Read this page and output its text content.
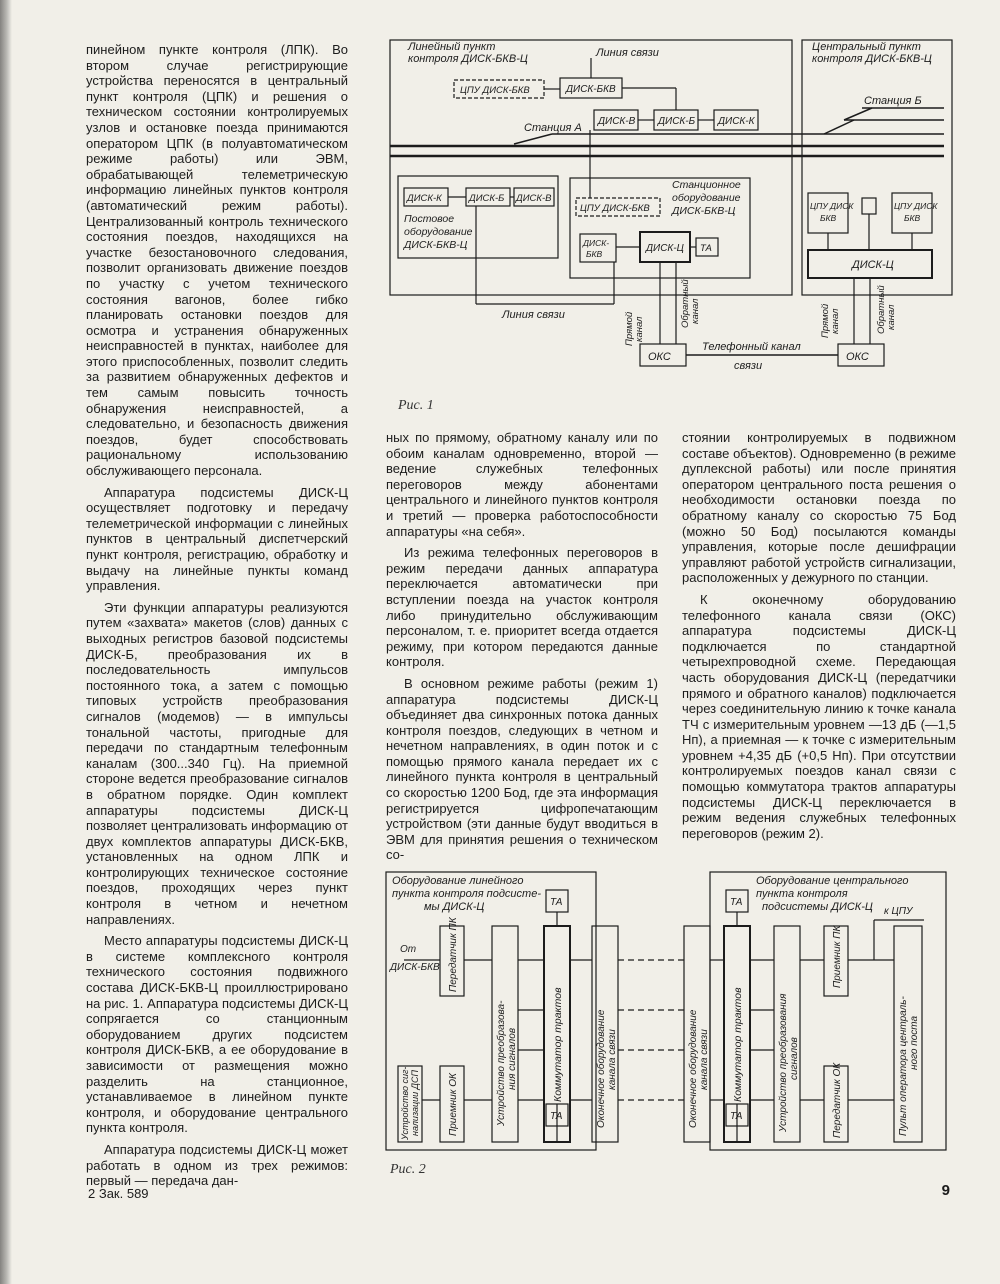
пинейном пункте контроля (ЛПК). Во втором случае регистрирующие устройства переносятся в центральный пункт контроля (ЦПК) и решения о техническом состоянии контролируемых узлов и остановке поезда принимаются оператором ЦПК (в полуавтоматическом режиме работы) или ЭВМ, обрабатывающей телеметрическую информацию линейных пунктов контроля (автоматический режим работы). Централизованный контроль технического состояния поездов, находящихся на участке безостановочного следования, позволит организовать движение поездов по участку с учетом технического состояния вагонов, более гибко планировать остановки поездов для осмотра и устранения обнаруженных неисправностей в пунктах, наиболее для этого приспособленных, позволит следить за развитием обнаруженных дефектов и тем самым повысить точность обнаружения неисправностей, а следовательно, и безопасность движения поездов, будет способствовать рациональному использованию обслуживающего персонала.

Аппаратура подсистемы ДИСК-Ц осуществляет подготовку и передачу телеметрической информации с линейных пунктов в центральный диспетчерский пункт контроля, регистрацию, обработку и выдачу на линейные пункты команд управления.

Эти функции аппаратуры реализуются путем «захвата» макетов (слов) данных с выходных регистров базовой подсистемы ДИСК-Б, преобразования их в последовательность импульсов постоянного тока, а затем с помощью типовых устройств преобразования сигналов (модемов) — в импульсы тональной частоты, пригодные для передачи по стандартным телефонным каналам (300...340 Гц). На приемной стороне ведется преобразование сигналов в обратном порядке. Один комплект аппаратуры подсистемы ДИСК-Ц позволяет централизовать информацию от двух комплектов аппаратуры ДИСК-БКВ, установленных на одном ЛПК и контролирующих техническое состояние поездов, проходящих через пункт контроля в четном и нечетном направлениях.

Место аппаратуры подсистемы ДИСК-Ц в системе комплексного контроля технического состояния подвижного состава ДИСК-БКВ-Ц проиллюстрировано на рис. 1. Аппаратура подсистемы ДИСК-Ц сопрягается со станционным оборудованием других подсистем контроля ДИСК-БКВ, а ее оборудование в зависимости от размещения можно разделить на станционное, устанавливаемое в линейном пункте контроля, и оборудование центрального пункта контроля.

Аппаратура подсистемы ДИСК-Ц может работать в одном из трех режимов: первый — передача дан-

Линейный пункт
контроля ДИСК-БКВ-Ц
Центральный пункт
контроля ДИСК-БКВ-Ц
Линия связи
ЦПУ ДИСК-БКВ	ДИСК-БКВ
ДИСК-В ДИСК-Б ДИСК-К
Станция А
Станция Б
ДИСК-К	ДИСК-Б ДИСК-В
Постовое
оборудование
ДИСК-БКВ-Ц
Станционное
оборудование
ДИСК-БКВ-Ц
ЦПУ ДИСК-БКВ
ДИСК-
БКВ	ДИСК-Ц ТА
ЦПУ ДИСК
БКВ
ЦПУ ДИСК
БКВ
ДИСК-Ц
Линия связи	Прямой канал
Обратный канал	Прямой канал	Обратный канал
ОКС	ОКС
Телефонный канал
связи
Рис. 1

ных по прямому, обратному каналу или по обоим каналам одновременно, второй — ведение служебных телефонных переговоров между абонентами центрального и линейного пунктов контроля и третий — проверка работоспособности аппаратуры «на себя».

Из режима телефонных переговоров в режим передачи данных аппаратура переключается автоматически при вступлении поезда на участок контроля либо принудительно обслуживающим персоналом, т. е. приоритет всегда отдается режиму, при котором передаются данные контроля.

В основном режиме работы (режим 1) аппаратура подсистемы ДИСК-Ц объединяет два синхронных потока данных контроля поездов, следующих в четном и нечетном направлениях, в один поток и с помощью прямого канала передает их с линейного пункта контроля в центральный со скоростью 1200 Бод, где эта информация регистрируется цифропечатающим устройством (эти данные будут вводиться в ЭВМ для принятия решения о техническом со-

стоянии контролируемых в подвижном составе объектов). Одновременно (в режиме дуплексной работы) или после принятия оператором центрального поста решения о необходимости остановки поезда по обратному каналу со скоростью 75 Бод (можно 50 Бод) посылаются команды управления, которые после дешифрации управляют работой устройств сигнализации, расположенных у дежурного по станции.

К оконечному оборудованию телефонного канала связи (ОКС) аппаратура подсистемы ДИСК-Ц подключается по стандартной четырехпроводной схеме. Передающая часть оборудования ДИСК-Ц (передатчики прямого и обратного каналов) подключается через соединительную линию к точке канала ТЧ с измерительным уровнем —13 дБ (—1,5 Нп), а приемная — к точке с измерительным уровнем +4,35 дБ (+0,5 Нп). При отсутствии контролируемых поездов канал связи с помощью коммутатора трактов аппаратуры подсистемы ДИСК-Ц переключается в режим ведения служебных телефонных переговоров (режим 2).

Оборудование линейного
пункта контроля подсисте-
мы ДИСК-Ц
Оборудование центрального
пункта контроля
подсистемы ДИСК-Ц
От
ДИСК-БКВ
к ЦПУ
ТА
ТА
ТА
ТА
Передатчик ПК
Приемник ОК
Устройство сиг- нализации ДСП	Устройство преобразова- ния сигналов	Коммутатор трактов	Оконечное оборудование канала связи	Оконечное оборудование канала связи Коммутатор трактов	Устройство преобразования сигналов
Приемник ПК
Передатчик ОК	Пульт оператора централь- ного поста
Рис. 2
2 Зак. 589	9
